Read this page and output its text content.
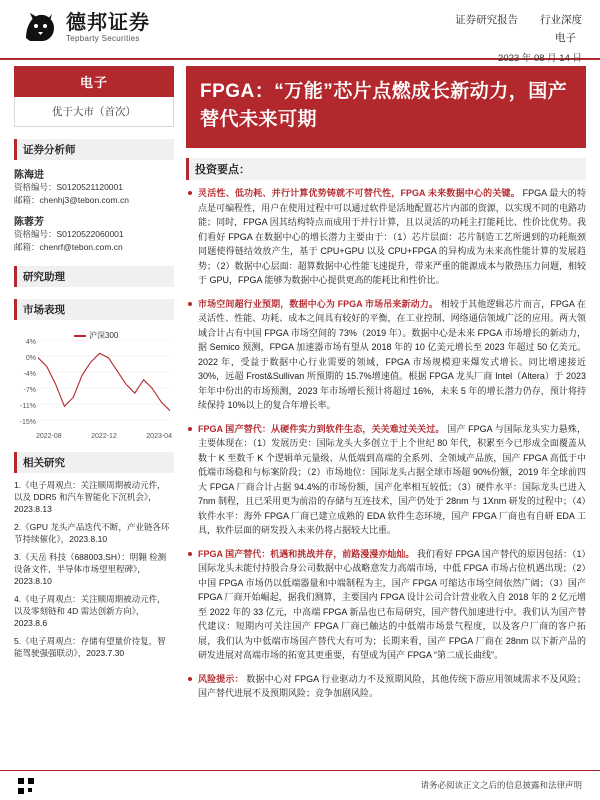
德邦证券
Tepbarty Securities
证券研究报告 行业深度
电子
2023 年 08 月 14 日
电子
优于大市（首次）
证券分析师
陈海进
资格编号：S0120521120001
邮箱：chenhj3@tebon.com.cn
陈蓉芳
资格编号：S0120522060001
邮箱：chenrf@tebon.com.cn
研究助理
市场表现
沪深300
4%
0%
-4%
-7%
-11%
-15%
2022-08	2022-12	2023-04
相关研究
1.《电子周观点：关注顺周期被动元件，以及 DDR5 和汽车智能化下沉机会》，2023.8.13
2.《GPU 龙头产品迭代不断，产业链各环节持续催化》，2023.8.10
3.《天岳 科技（688003.SH）：明翱 检测设备文件，半导体市场望里程碑》，2023.8.10
4.《电子周观点：关注顺周期被动元件，以及零刻链和 4D 需达创新方向》，2023.8.6
5.《电子周观点：存储有望量价待复，智能驾驶强强联动》，2023.7.30
FPGA：“万能”芯片点燃成长新动力，国产替代未来可期
投资要点：
灵活性、低功耗、并行计算优势铸就不可替代性，FPGA 未来数据中心的关键。 FPGA 最大的特点是可编程性，用户在使用过程中可以通过软件是活地配置芯片内部的资源，以实现不同的电路功能；同时，FPGA 因其结构特点而成用于并行计算，且以灵活的功耗主打能耗比、性价比优势。我们看好 FPGA 在数据中心的增长潜力主要由于：（1）芯片层面：芯片制造工艺所遇到的功耗瓶颈同题使得链结效放产生，基于 CPU+GPU 以及 CPU+FPGA 的异构成为未来高性能计算的发展趋势；（2）数据中心层面：超算数据中心性能飞速提升，带来严重的能源成本与散热压力问题，相较于 GPU，FPGA 能够为数据中心提供更高的能耗比和性价比。
市场空间超行业预期，数据中心为 FPGA 市场吊来新动力。 相较于其他逻辑芯片而言，FPGA 在灵活性、性能、功耗、成本之间具有较好的平衡，在工业控制、网络通信领域广泛的应用。两大领域合计占有中国 FPGA 市场空间的 73%（2019 年）。数据中心是未来 FPGA 市场增长的新动力，据 Semico 预测，FPGA 加速器市场有望从 2018 年的 10 亿美元增长至 2023 年超过 50 亿美元。2022 年，受益于数据中心行业需要的领域，FPGA 市场规模迎来爆发式增长。同比增速接近 30%，远超 Frost&Sullivan 所预期的 15.7%增速值。根据 FPGA 龙头厂商 Intel（Altera）于 2023 年年中份出的市场预测，2023 年市场增长预计将超过 16%，未来 5 年的增长潜力仍存，预计将持续保持 10%以上的复合年增长率。
FPGA 国产替代：从硬件实力到软件生态，关关难过关关过。 国产 FPGA 与国际龙头实力悬殊，主要体现在：（1）发展历史：国际龙头大多创立于上个世纪 80 年代，积累至今已形成全面覆盖从数十 K 至数千 K 个逻辑单元量级、从低端到高端的全系列、全领域产品族，国产 FPGA 高低于中低端市场稳和与标案阶段；（2）市场地位：国际龙头占据全球市场超 90%份额，2019 年全球前四大 FPGA 厂商合计占据 94.4%的市场份额，国产化率相互较低；（3）硬件水平：国际龙头已进入 7nm 制程，且已采用更为前沿的存储与互连技术，国产仍处于 28nm 与 1Xnm 研发的过程中；（4）软件水平：海外 FPGA 厂商已建立成熟的 EDA 软件生态环境，国产 FPGA 厂商也有自研 EDA 工具，软件层面的研发投入未来仍将占据较大比重。
FPGA 国产替代：机遇和挑战并存，前路漫漫亦灿灿。 我们看好 FPGA 国产替代的原因包括：（1）国际龙头未能付持股合身公司数据中心战略意发力高端市场，中低 FPGA 市场占位机遇出现；（2）中国 FPGA 市场仍以低端器量和中端制程为主，国产 FPGA 可缩达市场空间依然广阔；（3）国产 FPGA 厂商开始崛起，据我们测算，主要国内 FPGA 设计公司合计营业收入自 2018 年的 2 亿元增至 2022 年的 33 亿元，中高端 FPGA 新品也已布局研究，国产替代加速进行中。我们认为国产替代建议：短期内可关注国产 FPGA 厂商已触达的中低端市场景气程度，以及客户厂商的客户拓展，我们认为中低端市场国产替代大有可为；长期来看，国产 FPGA 厂商在 28nm 以下新产品的研发进展对高端市场的拓宽其更重要，有望成为国产 FPGA “第二成长曲线”。
风险提示： 数据中心对 FPGA 行业驱动力不及预期风险，其他传统下游应用领域需求不及风险；国产替代进展不及预期风险；竞争加剧风险。
请务必阅读正文之后的信息披露和法律声明
